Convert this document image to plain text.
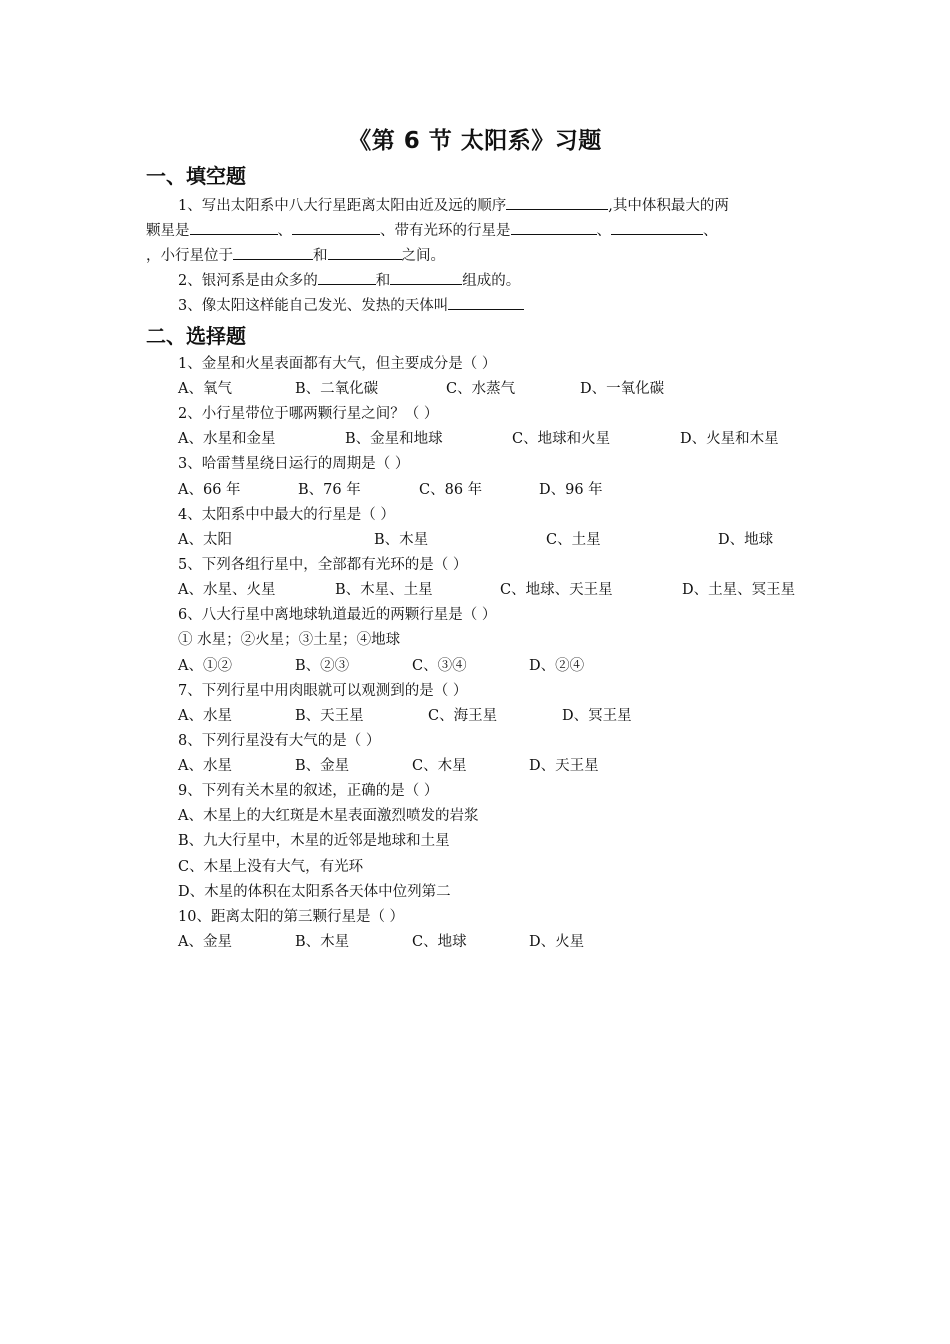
《第 6 节 太阳系》习题
一、填空题
1、写出太阳系中八大行星距离太阳由近及远的顺序	,其中体积最大的两
颗星是	、	、带有光环的行星是	、	、
，小行星位于	和	之间。
2、银河系是由众多的	和	组成的。
3、像太阳这样能自己发光、发热的天体叫
二、选择题
1、金星和火星表面都有大气，但主要成分是（ ）
A、氧气	B、二氧化碳	C、水蒸气	D、一氧化碳
2、小行星带位于哪两颗行星之间？（ ）
A、水星和金星	B、金星和地球	C、地球和火星	D、火星和木星
3、哈雷彗星绕日运行的周期是（ ）
A、66 年	B、76 年	C、86 年	D、96 年
4、太阳系中中最大的行星是（ ）
A、太阳	B、木星	C、土星	D、地球
5、下列各组行星中，全部都有光环的是（ ）
A、水星、火星	B、木星、土星	C、地球、天王星	D、土星、冥王星
6、八大行星中离地球轨道最近的两颗行星是（ ）
① 水星；②火星；③土星；④地球
A、①②	B、②③	C、③④	D、②④
7、下列行星中用肉眼就可以观测到的是（ ）
A、水星	B、天王星	C、海王星	D、冥王星
8、下列行星没有大气的是（ ）
A、水星	B、金星	C、木星	D、天王星
9、下列有关木星的叙述，正确的是（ ）
A、木星上的大红斑是木星表面激烈喷发的岩浆
B、九大行星中，木星的近邻是地球和土星
C、木星上没有大气，有光环
D、木星的体积在太阳系各天体中位列第二
10、距离太阳的第三颗行星是（ ）
A、金星	B、木星	C、地球	D、火星
